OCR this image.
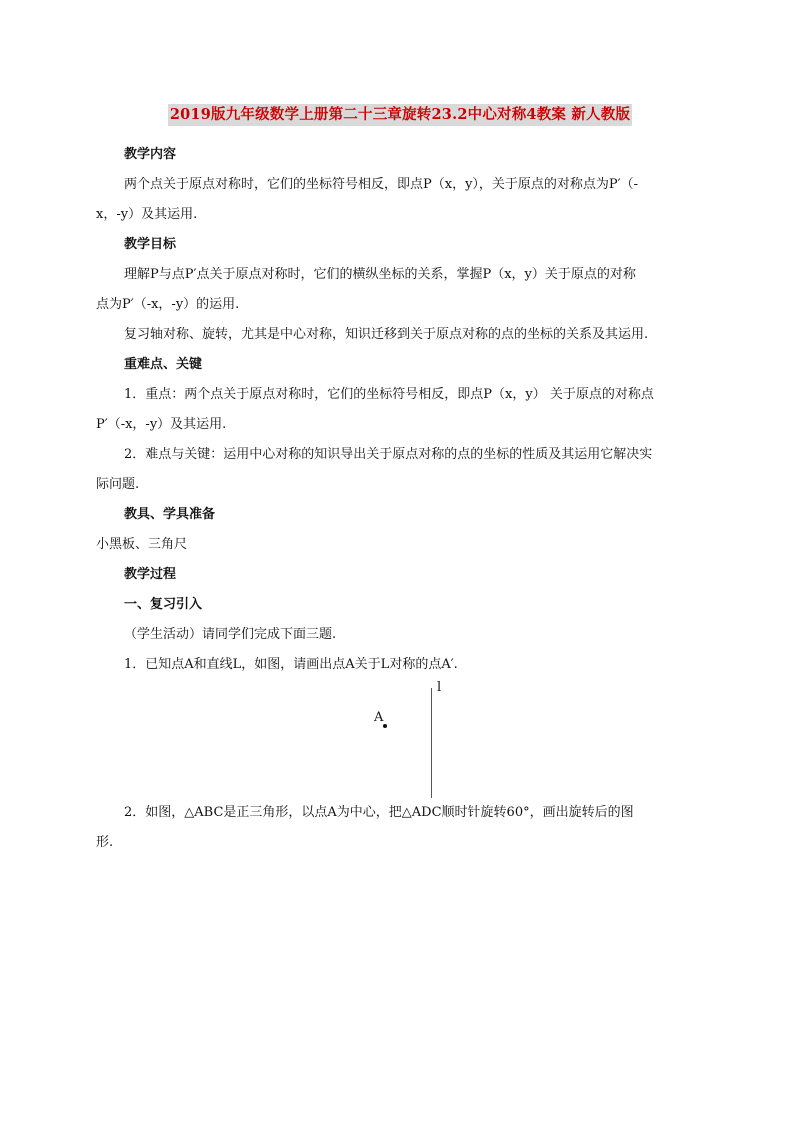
2019版九年级数学上册第二十三章旋转23.2中心对称4教案 新人教版

教学内容

两个点关于原点对称时，它们的坐标符号相反，即点P（x，y），关于原点的对称点为P′（-

x，-y）及其运用.

教学目标

理解P与点P′点关于原点对称时，它们的横纵坐标的关系，掌握P（x，y）关于原点的对称

点为P′（-x，-y）的运用.

复习轴对称、旋转，尤其是中心对称，知识迁移到关于原点对称的点的坐标的关系及其运用.

重难点、关键

1．重点：两个点关于原点对称时，它们的坐标符号相反，即点P（x，y） 关于原点的对称点

P′（-x，-y）及其运用.

2．难点与关键：运用中心对称的知识导出关于原点对称的点的坐标的性质及其运用它解决实

际问题.

教具、学具准备

小黑板、三角尺

教学过程

一、复习引入

（学生活动）请同学们完成下面三题.

1．已知点A和直线L，如图，请画出点A关于L对称的点A′.

l
A

2．如图，△ABC是正三角形，以点A为中心，把△ADC顺时针旋转60°，画出旋转后的图

形.
